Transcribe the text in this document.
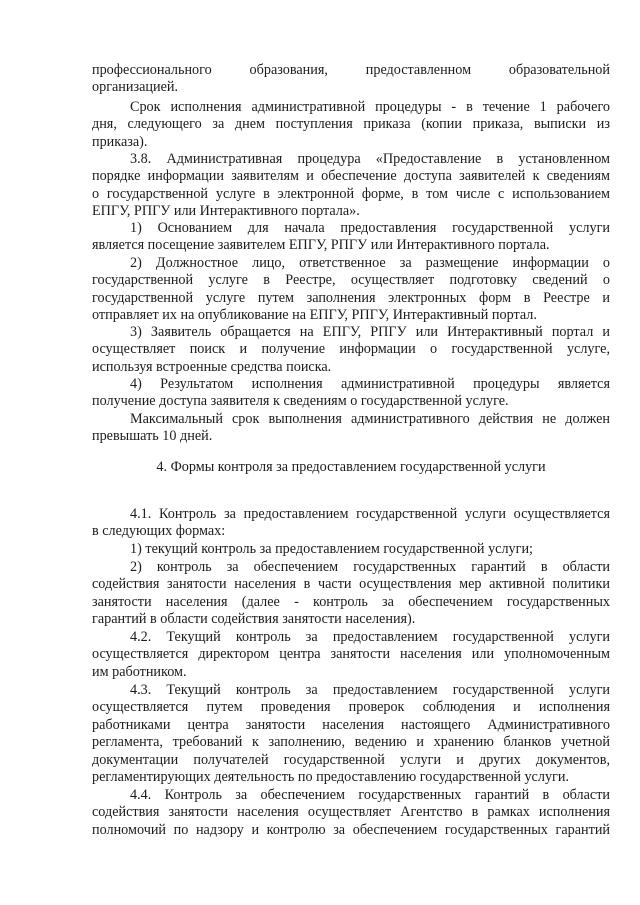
профессионального образования, предоставленном образовательной
организацией.
Срок исполнения административной процедуры - в течение 1 рабочего
дня, следующего за днем поступления приказа (копии приказа, выписки из
приказа).
3.8. Административная процедура «Предоставление в установленном
порядке информации заявителям и обеспечение доступа заявителей к сведениям
о государственной услуге в электронной форме, в том числе с использованием
ЕПГУ, РПГУ или Интерактивного портала».
1) Основанием для начала предоставления государственной услуги
является посещение заявителем ЕПГУ, РПГУ или Интерактивного портала.
2) Должностное лицо, ответственное за размещение информации о
государственной услуге в Реестре, осуществляет подготовку сведений о
государственной услуге путем заполнения электронных форм в Реестре и
отправляет их на опубликование на ЕПГУ, РПГУ, Интерактивный портал.
3) Заявитель обращается на ЕПГУ, РПГУ или Интерактивный портал и
осуществляет поиск и получение информации о государственной услуге,
используя встроенные средства поиска.
4) Результатом исполнения административной процедуры является
получение доступа заявителя к сведениям о государственной услуге.
Максимальный срок выполнения административного действия не должен
превышать 10 дней.
4. Формы контроля за предоставлением государственной услуги
4.1. Контроль за предоставлением государственной услуги осуществляется
в следующих формах:
1) текущий контроль за предоставлением государственной услуги;
2) контроль за обеспечением государственных гарантий в области
содействия занятости населения в части осуществления мер активной политики
занятости населения (далее - контроль за обеспечением государственных
гарантий в области содействия занятости населения).
4.2. Текущий контроль за предоставлением государственной услуги
осуществляется директором центра занятости населения или уполномоченным
им работником.
4.3. Текущий контроль за предоставлением государственной услуги
осуществляется путем проведения проверок соблюдения и исполнения
работниками центра занятости населения настоящего Административного
регламента, требований к заполнению, ведению и хранению бланков учетной
документации получателей государственной услуги и других документов,
регламентирующих деятельность по предоставлению государственной услуги.
4.4. Контроль за обеспечением государственных гарантий в области
содействия занятости населения осуществляет Агентство в рамках исполнения
полномочий по надзору и контролю за обеспечением государственных гарантий
